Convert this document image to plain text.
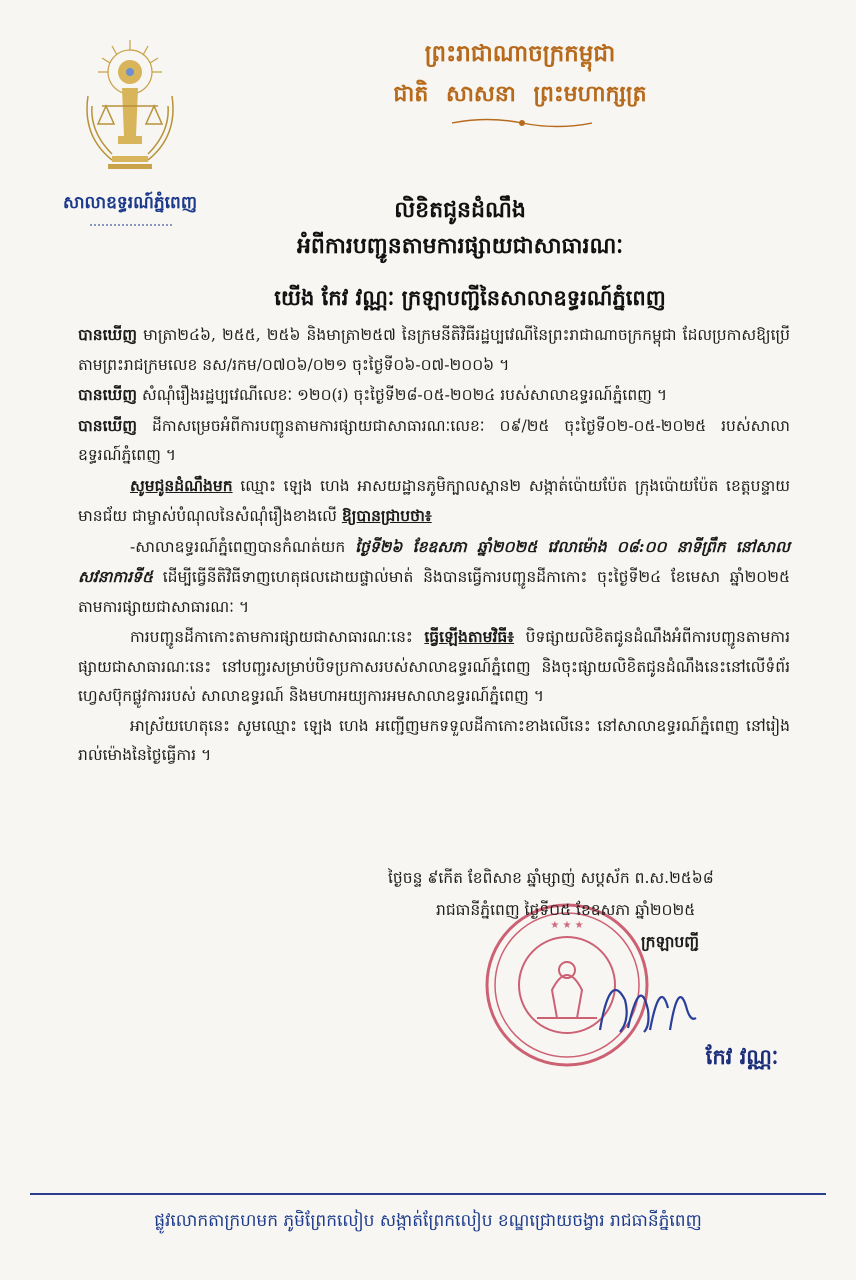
សាលាឧទ្ធរណ៍ភ្នំពេញ
ព្រះរាជាណាចក្រកម្ពុជា
ជាតិ សាសនា ព្រះមហាក្សត្រ
លិខិតជូនដំណឹង
អំពីការបញ្ជូនតាមការផ្សាយជាសាធារណៈ
យើង កែវ វណ្ណៈ ក្រឡាបញ្ជីនៃសាលាឧទ្ធរណ៍ភ្នំពេញ

បានឃើញ មាត្រា២៤៦, ២៥៥, ២៥៦ និងមាត្រា២៥៧ នៃក្រមនីតិវិធីរដ្ឋប្បវេណីនៃព្រះរាជាណាចក្រកម្ពុជា ដែលប្រកាសឱ្យប្រើតាមព្រះរាជក្រមលេខ នស/រកម/០៧០៦/០២១ ចុះថ្ងៃទី០៦-០៧-២០០៦ ។

បានឃើញ សំណុំរឿងរដ្ឋប្បវេណីលេខៈ ១២០(រ) ចុះថ្ងៃទី២៨-០៥-២០២៤ របស់សាលាឧទ្ធរណ៍ភ្នំពេញ ។

បានឃើញ ដីកាសម្រេចអំពីការបញ្ជូនតាមការផ្សាយជាសាធារណៈលេខៈ ០៩/២៥ ចុះថ្ងៃទី០២-០៥-២០២៥ របស់សាលាឧទ្ធរណ៍ភ្នំពេញ ។

សូមជូនដំណឹងមក ឈ្មោះ ឡេង ហេង អាសយដ្ឋានភូមិក្បាលស្ពាន២ សង្កាត់ប៉ោយប៉ែត ក្រុងប៉ោយប៉ែត ខេត្តបន្ទាយមានជ័យ ជាម្ចាស់បំណុលនៃសំណុំរឿងខាងលើ ឱ្យបានជ្រាបថា៖

-សាលាឧទ្ធរណ៍ភ្នំពេញបានកំណត់យក ថ្ងៃទី២៦ ខែឧសភា ឆ្នាំ២០២៥ វេលាម៉ោង ០៨:០០ នាទីព្រឹក នៅសាលសវនាការទី៥ ដើម្បីធ្វើនីតិវិធីទាញហេតុផលដោយផ្ទាល់មាត់ និងបានធ្វើការបញ្ជូនដីកាកោះ ចុះថ្ងៃទី២៤ ខែមេសា ឆ្នាំ២០២៥ តាមការផ្សាយជាសាធារណៈ ។

ការបញ្ជូនដីកាកោះតាមការផ្សាយជាសាធារណៈនេះ ធ្វើឡើងតាមវិធី៖ បិទផ្សាយលិខិតជូនដំណឹងអំពីការបញ្ជូនតាមការផ្សាយជាសាធារណៈនេះ នៅបញ្ជរសម្រាប់បិទប្រកាសរបស់សាលាឧទ្ធរណ៍ភ្នំពេញ និងចុះផ្សាយលិខិតជូនដំណឹងនេះនៅលើទំព័រហ្វេសប៊ុកផ្លូវការរបស់ សាលាឧទ្ធរណ៍ និងមហាអយ្យការអមសាលាឧទ្ធរណ៍ភ្នំពេញ ។

អាស្រ័យហេតុនេះ សូមឈ្មោះ ឡេង ហេង អញ្ជើញមកទទួលដីកាកោះខាងលើនេះ នៅសាលាឧទ្ធរណ៍ភ្នំពេញ នៅរៀងរាល់ម៉ោងនៃថ្ងៃធ្វើការ ។

ថ្ងៃចន្ទ ៩កើត ខែពិសាខ ឆ្នាំម្សាញ់ សប្តស័ក ព.ស.២៥៦៨
★ ★ ★
រាជធានីភ្នំពេញ ថ្ងៃទី០៥ ខែឧសភា ឆ្នាំ២០២៥
ក្រឡាបញ្ជី
កែវ វណ្ណៈ
ផ្លូវលោកតាក្រហមក ភូមិព្រែកលៀប សង្កាត់ព្រែកលៀប ខណ្ឌជ្រោយចង្វារ រាជធានីភ្នំពេញ
